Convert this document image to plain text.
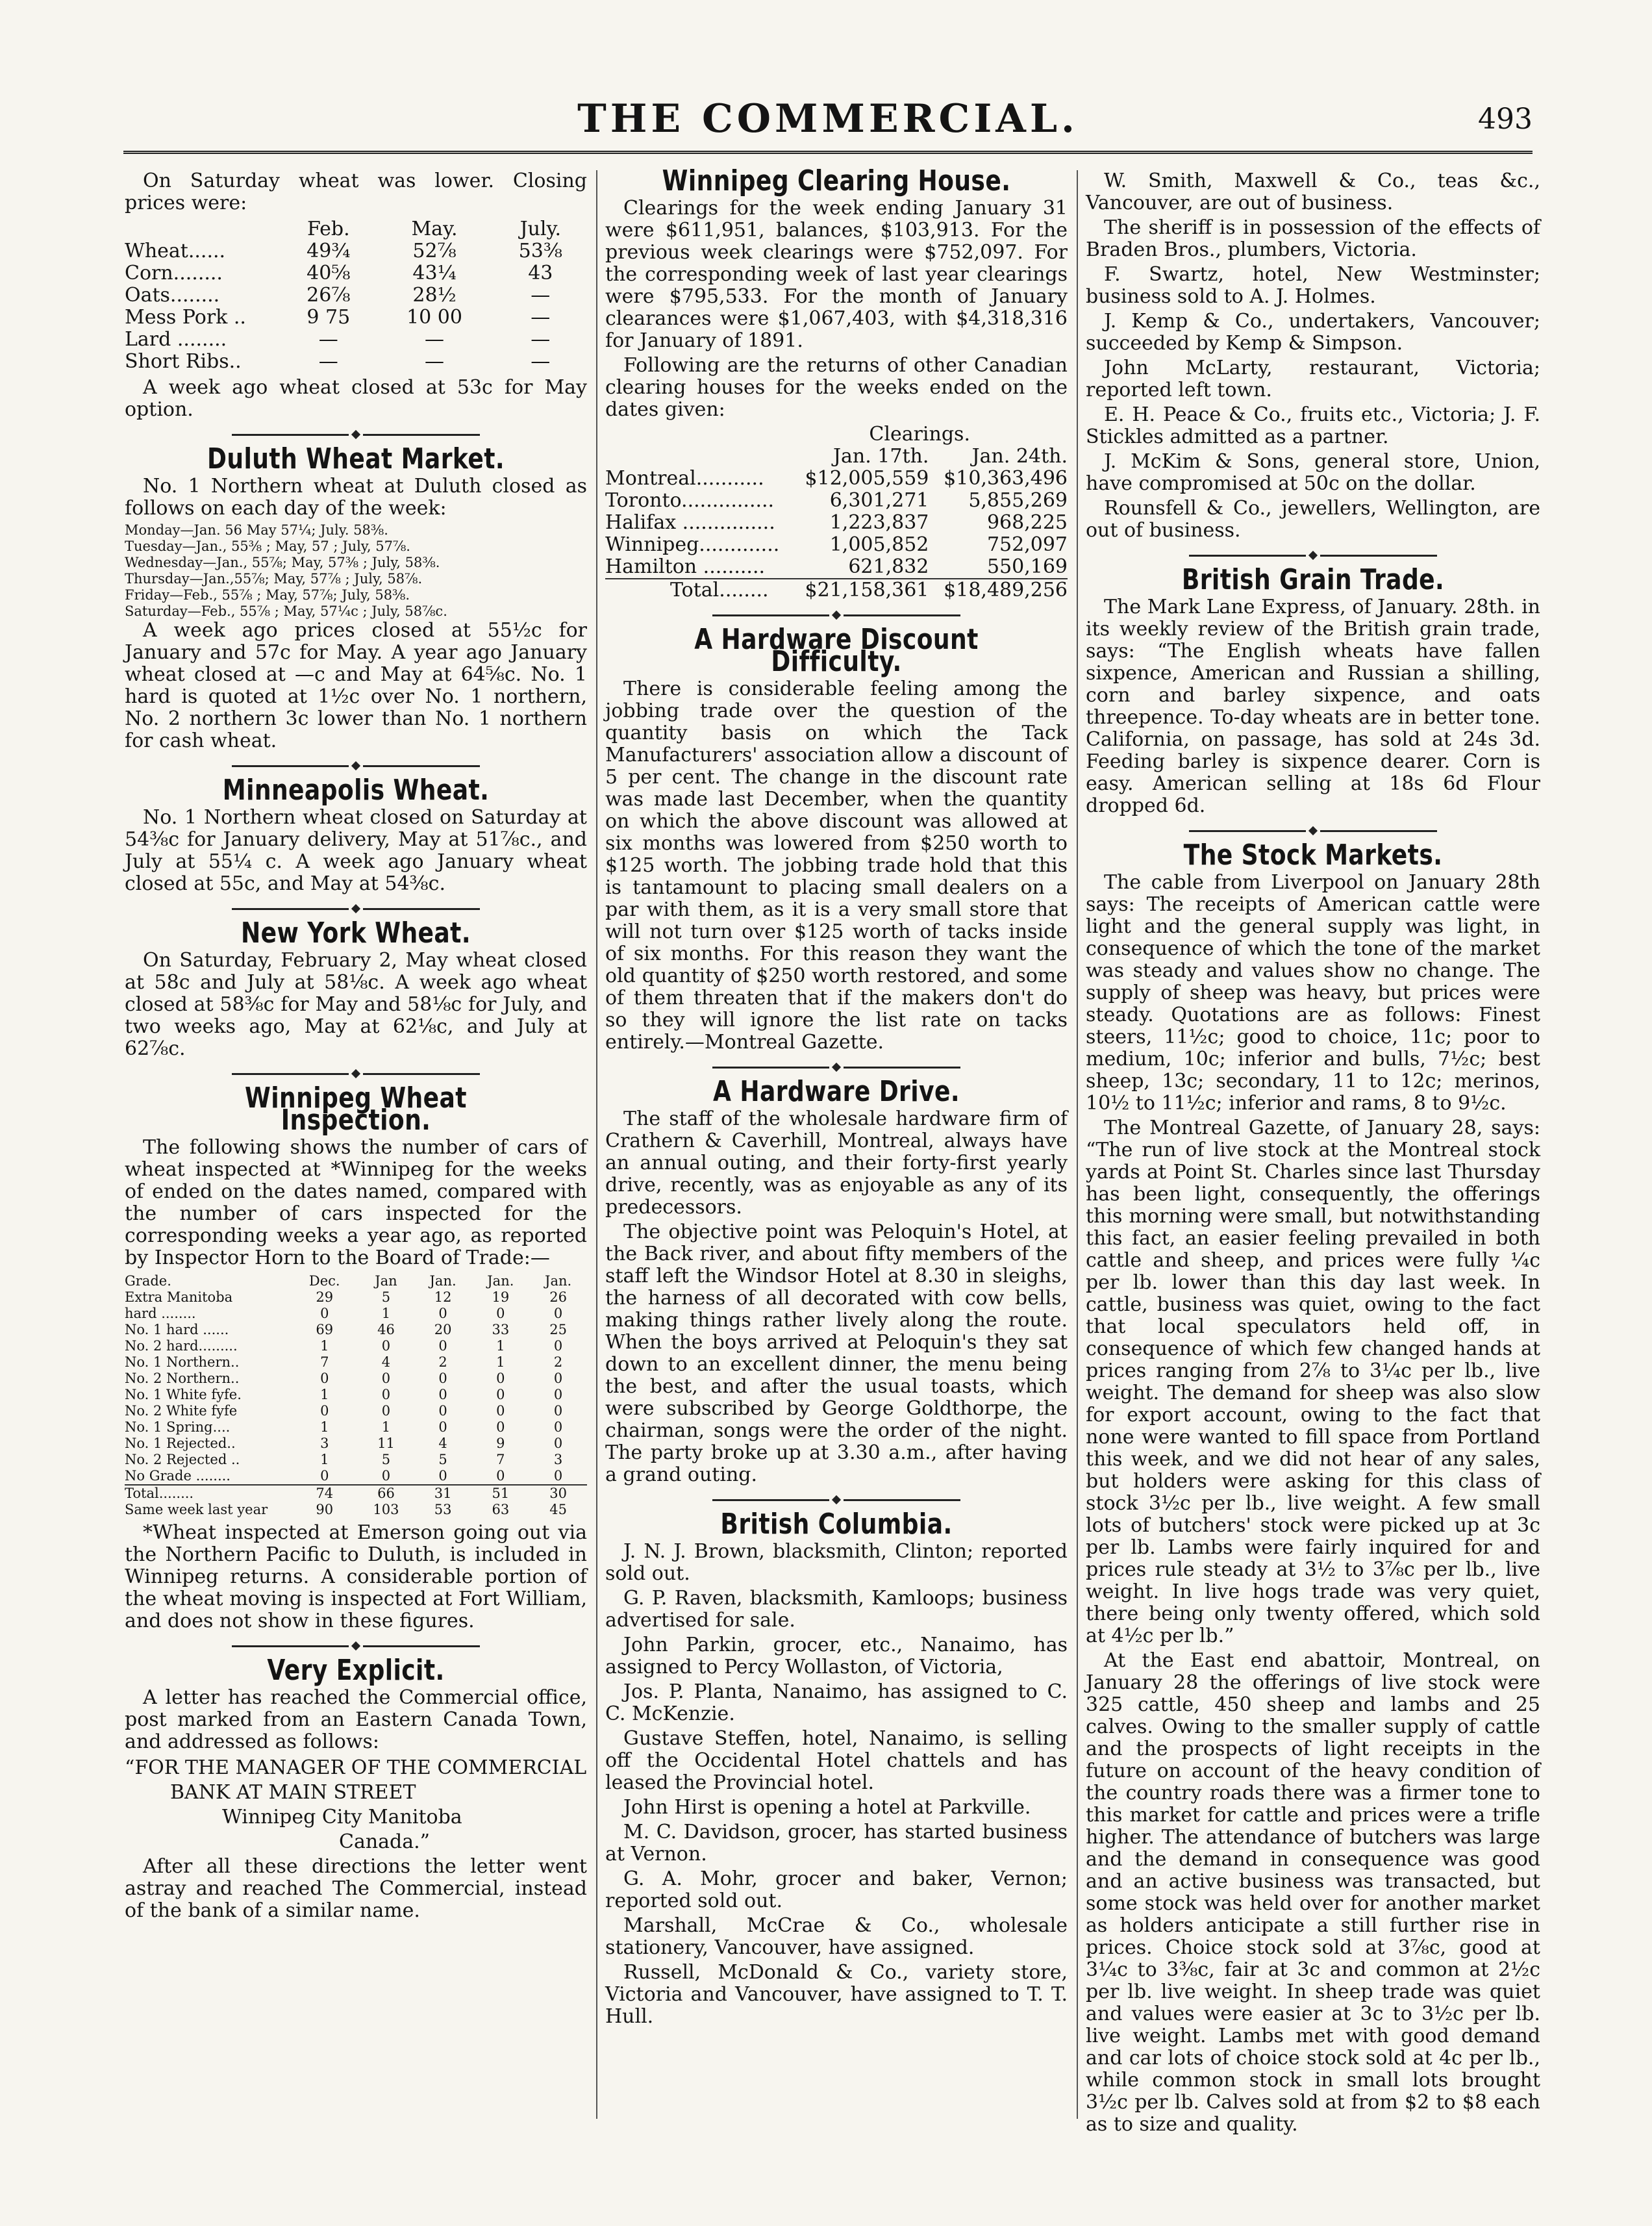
THE COMMERCIAL.	493

On Saturday wheat was lower. Closing prices were:

	Feb.	May.	July.
Wheat......	49¾	52⅞	53⅜
Corn........	40⅝	43¼	43
Oats........	26⅞	28½	—
Mess Pork ..	9 75	10 00	—
Lard ........	—	—	—
Short Ribs..	—	—	—

A week ago wheat closed at 53c for May option.

Duluth Wheat Market.

No. 1 Northern wheat at Duluth closed as follows on each day of the week:

Monday—Jan. 56 May 57¼; July. 58⅜.
Tuesday—Jan., 55⅜ ; May, 57 ; July, 57⅞.
Wednesday—Jan., 55⅞; May, 57⅜ ; July, 58⅜.
Thursday—Jan.,55⅞; May, 57⅞ ; July, 58⅞.
Friday—Feb., 55⅞ ; May, 57⅞; July, 58⅜.
Saturday—Feb., 55⅞ ; May, 57¼c ; July, 58⅞c.

A week ago prices closed at 55½c for January and 57c for May. A year ago January wheat closed at —c and May at 64⅝c. No. 1 hard is quoted at 1½c over No. 1 northern, No. 2 northern 3c lower than No. 1 northern for cash wheat.

Minneapolis Wheat.

No. 1 Northern wheat closed on Saturday at 54⅜c for January delivery, May at 51⅞c., and July at 55¼ c. A week ago January wheat closed at 55c, and May at 54⅜c.

New York Wheat.

On Saturday, February 2, May wheat closed at 58c and July at 58⅛c. A week ago wheat closed at 58⅜c for May and 58⅛c for July, and two weeks ago, May at 62⅛c, and July at 62⅞c.

Winnipeg Wheat Inspection.

The following shows the number of cars of wheat inspected at *Winnipeg for the weeks of ended on the dates named, compared with the number of cars inspected for the corresponding weeks a year ago, as reported by Inspector Horn to the Board of Trade:—

Grade.	Dec.	Jan	Jan.	Jan.	Jan.
Extra Manitoba	29	5	12	19	26
hard ........	0	1	0	0	0
No. 1 hard ......	69	46	20	33	25
No. 2 hard.........	1	0	0	1	0
No. 1 Northern..	7	4	2	1	2
No. 2 Northern..	0	0	0	0	0
No. 1 White fyfe.	1	0	0	0	0
No. 2 White fyfe	0	0	0	0	0
No. 1 Spring....	1	1	0	0	0
No. 1 Rejected..	3	11	4	9	0
No. 2 Rejected ..	1	5	5	7	3
No Grade ........	0	0	0	0	0
Total........	74	66	31	51	30
Same week last year	90	103	53	63	45

*Wheat inspected at Emerson going out via the Northern Pacific to Duluth, is included in Winnipeg returns. A considerable portion of the wheat moving is inspected at Fort William, and does not show in these figures.

Very Explicit.

A letter has reached the Commercial office, post marked from an Eastern Canada Town, and addressed as follows:

“FOR THE MANAGER OF THE COMMERCIAL

BANK AT MAIN STREET

Winnipeg City Manitoba

Canada.”

After all these directions the letter went astray and reached The Commercial, instead of the bank of a similar name.

Winnipeg Clearing House.

Clearings for the week ending January 31 were $611,951, balances, $103,913. For the previous week clearings were $752,097. For the corresponding week of last year clearings were $795,533. For the month of January clearances were $1,067,403, with $4,318,316 for January of 1891.

Following are the returns of other Canadian clearing houses for the weeks ended on the dates given:

Clearings.
	Jan. 17th.	Jan. 24th.
Montreal...........	$12,005,559	$10,363,496
Toronto...............	6,301,271	5,855,269
Halifax ...............	1,223,837	968,225
Winnipeg.............	1,005,852	752,097
Hamilton ..........	621,832	550,169
Total........	$21,158,361	$18,489,256
A Hardware Discount Difficulty.

There is considerable feeling among the jobbing trade over the question of the quantity basis on which the Tack Manufacturers' association allow a discount of 5 per cent. The change in the discount rate was made last December, when the quantity on which the above discount was allowed at six months was lowered from $250 worth to $125 worth. The jobbing trade hold that this is tantamount to placing small dealers on a par with them, as it is a very small store that will not turn over $125 worth of tacks inside of six months. For this reason they want the old quantity of $250 worth restored, and some of them threaten that if the makers don't do so they will ignore the list rate on tacks entirely.—Montreal Gazette.

A Hardware Drive.

The staff of the wholesale hardware firm of Crathern & Caverhill, Montreal, always have an annual outing, and their forty-first yearly drive, recently, was as enjoyable as any of its predecessors.

The objective point was Peloquin's Hotel, at the Back river, and about fifty members of the staff left the Windsor Hotel at 8.30 in sleighs, the harness of all decorated with cow bells, making things rather lively along the route. When the boys arrived at Peloquin's they sat down to an excellent dinner, the menu being the best, and after the usual toasts, which were subscribed by George Goldthorpe, the chairman, songs were the order of the night. The party broke up at 3.30 a.m., after having a grand outing.

British Columbia.

J. N. J. Brown, blacksmith, Clinton; reported sold out.

G. P. Raven, blacksmith, Kamloops; business advertised for sale.

John Parkin, grocer, etc., Nanaimo, has assigned to Percy Wollaston, of Victoria,

Jos. P. Planta, Nanaimo, has assigned to C. C. McKenzie.

Gustave Steffen, hotel, Nanaimo, is selling off the Occidental Hotel chattels and has leased the Provincial hotel.

John Hirst is opening a hotel at Parkville.

M. C. Davidson, grocer, has started business at Vernon.

G. A. Mohr, grocer and baker, Vernon; reported sold out.

Marshall, McCrae & Co., wholesale stationery, Vancouver, have assigned.

Russell, McDonald & Co., variety store, Victoria and Vancouver, have assigned to T. T. Hull.

W. Smith, Maxwell & Co., teas &c., Vancouver, are out of business.

The sheriff is in possession of the effects of Braden Bros., plumbers, Victoria.

F. Swartz, hotel, New Westminster; business sold to A. J. Holmes.

J. Kemp & Co., undertakers, Vancouver; succeeded by Kemp & Simpson.

John McLarty, restaurant, Victoria; reported left town.

E. H. Peace & Co., fruits etc., Victoria; J. F. Stickles admitted as a partner.

J. McKim & Sons, general store, Union, have compromised at 50c on the dollar.

Rounsfell & Co., jewellers, Wellington, are out of business.

British Grain Trade.

The Mark Lane Express, of January. 28th. in its weekly review of the British grain trade, says: “The English wheats have fallen sixpence, American and Russian a shilling, corn and barley sixpence, and oats threepence. To-day wheats are in better tone. California, on passage, has sold at 24s 3d. Feeding barley is sixpence dearer. Corn is easy. American selling at 18s 6d Flour dropped 6d.

The Stock Markets.

The cable from Liverpool on January 28th says: The receipts of American cattle were light and the general supply was light, in consequence of which the tone of the market was steady and values show no change. The supply of sheep was heavy, but prices were steady. Quotations are as follows: Finest steers, 11½c; good to choice, 11c; poor to medium, 10c; inferior and bulls, 7½c; best sheep, 13c; secondary, 11 to 12c; merinos, 10½ to 11½c; inferior and rams, 8 to 9½c.

The Montreal Gazette, of January 28, says: “The run of live stock at the Montreal stock yards at Point St. Charles since last Thursday has been light, consequently, the offerings this morning were small, but notwithstanding this fact, an easier feeling prevailed in both cattle and sheep, and prices were fully ¼c per lb. lower than this day last week. In cattle, business was quiet, owing to the fact that local speculators held off, in consequence of which few changed hands at prices ranging from 2⅞ to 3¼c per lb., live weight. The demand for sheep was also slow for export account, owing to the fact that none were wanted to fill space from Portland this week, and we did not hear of any sales, but holders were asking for this class of stock 3½c per lb., live weight. A few small lots of butchers' stock were picked up at 3c per lb. Lambs were fairly inquired for and prices rule steady at 3½ to 3⅞c per lb., live weight. In live hogs trade was very quiet, there being only twenty offered, which sold at 4½c per lb.”

At the East end abattoir, Montreal, on January 28 the offerings of live stock were 325 cattle, 450 sheep and lambs and 25 calves. Owing to the smaller supply of cattle and the prospects of light receipts in the future on account of the heavy condition of the country roads there was a firmer tone to this market for cattle and prices were a trifle higher. The attendance of butchers was large and the demand in consequence was good and an active business was transacted, but some stock was held over for another market as holders anticipate a still further rise in prices. Choice stock sold at 3⅞c, good at 3¼c to 3⅜c, fair at 3c and common at 2½c per lb. live weight. In sheep trade was quiet and values were easier at 3c to 3½c per lb. live weight. Lambs met with good demand and car lots of choice stock sold at 4c per lb., while common stock in small lots brought 3½c per lb. Calves sold at from $2 to $8 each as to size and quality.
